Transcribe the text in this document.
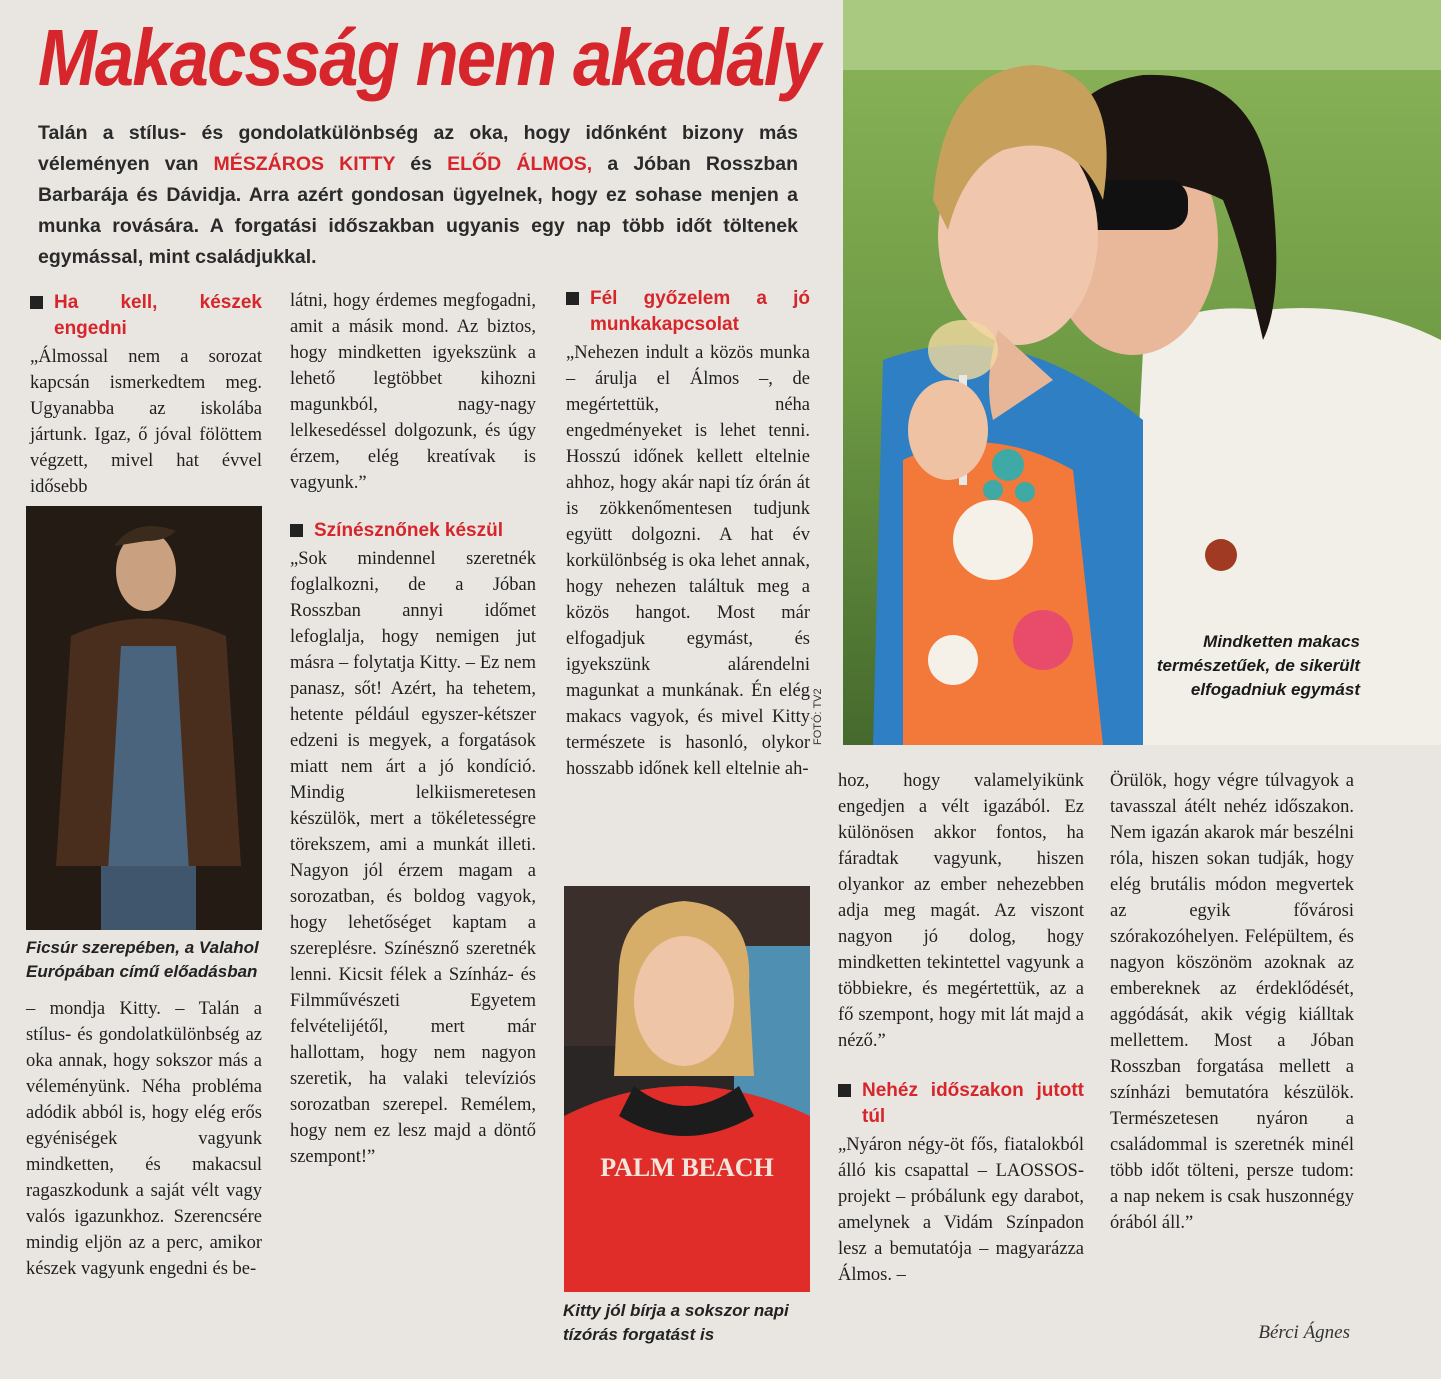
Makacsság nem akadály
Talán a stílus- és gondolatkülönbség az oka, hogy időnként bizony más véleményen van MÉSZÁROS KITTY és ELŐD ÁLMOS, a Jóban Rosszban Barbarája és Dávidja. Arra azért gondosan ügyelnek, hogy ez sohase menjen a munka rovására. A forgatási időszakban ugyanis egy nap több időt töltenek egymással, mint családjukkal.
Mindketten makacs természetűek, de sikerült elfogadniuk egymást
FOTÓ: TV2
Ha kell, készek engedni

„Álmossal nem a sorozat kapcsán ismerkedtem meg. Ugyanabba az iskolába jártunk. Igaz, ő jóval fölöttem végzett, mivel hat évvel idősebb

Ficsúr szerepében, a Valahol Európában című előadásban

– mondja Kitty. – Talán a stílus- és gondolatkülönbség az oka annak, hogy sokszor más a véleményünk. Néha probléma adódik abból is, hogy elég erős egyéniségek vagyunk mindketten, és makacsul ragaszkodunk a saját vélt vagy valós igazunkhoz. Szerencsére mindig eljön az a perc, amikor készek vagyunk engedni és be-

látni, hogy érdemes megfogadni, amit a másik mond. Az biztos, hogy mindketten igyekszünk a lehető legtöbbet kihozni magunkból, nagy-nagy lelkesedéssel dolgozunk, és úgy érzem, elég kreatívak is vagyunk.”

Színésznőnek készül

„Sok mindennel szeretnék foglalkozni, de a Jóban Rosszban annyi időmet lefoglalja, hogy nemigen jut másra – folytatja Kitty. – Ez nem panasz, sőt! Azért, ha tehetem, hetente például egyszer-kétszer edzeni is megyek, a forgatások miatt nem árt a jó kondíció. Mindig lelkiismeretesen készülök, mert a tökéletességre törekszem, ami a munkát illeti. Nagyon jól érzem magam a sorozatban, és boldog vagyok, hogy lehetőséget kaptam a szereplésre. Színésznő szeretnék lenni. Kicsit félek a Színház- és Filmművészeti Egyetem felvételijétől, mert már hallottam, hogy nem nagyon szeretik, ha valaki televíziós sorozatban szerepel. Remélem, hogy nem ez lesz majd a döntő szempont!”

Fél győzelem a jó munkakapcsolat

„Nehezen indult a közös munka – árulja el Álmos –, de megértettük, néha engedményeket is lehet tenni. Hosszú időnek kellett eltelnie ahhoz, hogy akár napi tíz órán át is zökkenőmentesen tudjunk együtt dolgozni. A hat év korkülönbség is oka lehet annak, hogy nehezen találtuk meg a közös hangot. Most már elfogadjuk egymást, és igyekszünk alárendelni magunkat a munkának. Én elég makacs vagyok, és mivel Kitty természete is hasonló, olykor hosszabb időnek kell eltelnie ah-

PALM BEACH
Kitty jól bírja a sokszor napi tízórás forgatást is

hoz, hogy valamelyikünk engedjen a vélt igazából. Ez különösen akkor fontos, ha fáradtak vagyunk, hiszen olyankor az ember nehezebben adja meg magát. Az viszont nagyon jó dolog, hogy mindketten tekintettel vagyunk a többiekre, és megértettük, az a fő szempont, hogy mit lát majd a néző.”

Nehéz időszakon jutott túl

„Nyáron négy-öt fős, fiatalokból álló kis csapattal – LAOSSOS-projekt – próbálunk egy darabot, amelynek a Vidám Színpadon lesz a bemutatója – magyarázza Álmos. –

Örülök, hogy végre túlvagyok a tavasszal átélt nehéz időszakon. Nem igazán akarok már beszélni róla, hiszen sokan tudják, hogy elég brutális módon megvertek az egyik fővárosi szórakozóhelyen. Felépültem, és nagyon köszönöm azoknak az embereknek az érdeklődését, aggódását, akik végig kiálltak mellettem. Most a Jóban Rosszban forgatása mellett a színházi bemutatóra készülök. Természetesen nyáron a családommal is szeretnék minél több időt tölteni, persze tudom: a nap nekem is csak huszonnégy órából áll.”

Bérci Ágnes
